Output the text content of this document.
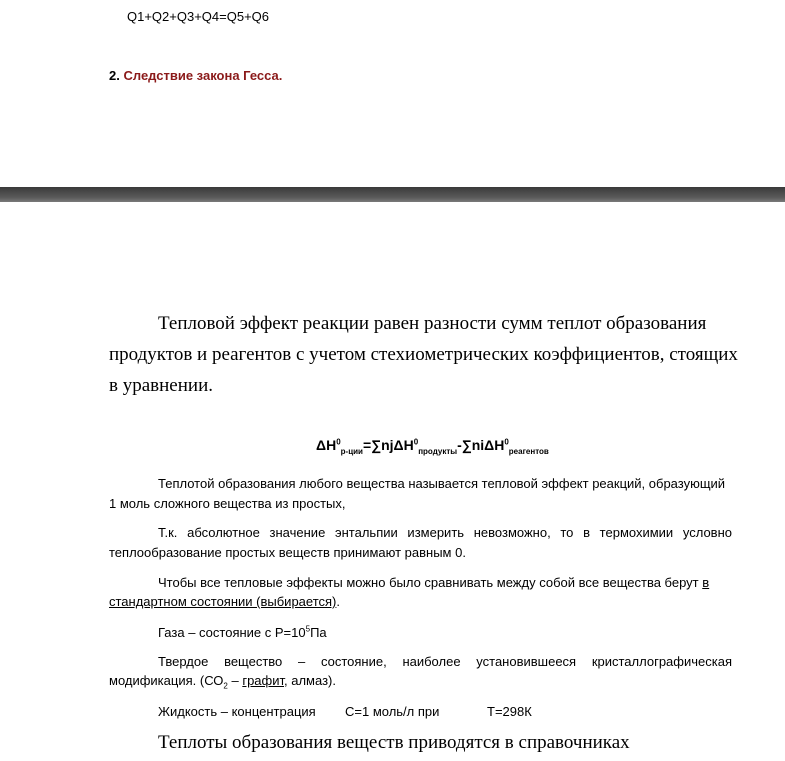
Q1+Q2+Q3+Q4=Q5+Q6
2. Следствие закона Гесса.
Тепловой эффект реакции равен разности сумм теплот образования
продуктов и реагентов с учетом стехиометрических коэффициентов, стоящих
в уравнении.
$\Delta H^0_{р-ции}=\sum nj\Delta H^0_{продукты}-\sum ni\Delta H^0_{реагентов}$
Теплотой образования любого вещества называется тепловой эффект реакций, образующий
1 моль сложного вещества из простых,
Т.к. абсолютное значение энтальпии измерить невозможно, то в термохимии условно
теплообразование простых веществ принимают равным 0.
Чтобы все тепловые эффекты можно было сравнивать между собой все вещества берут в
стандартном состоянии (выбирается).
Газа – состояние с $Р=10^5Па$
Твердое вещество – состояние, наиболее установившееся кристаллографическая
модификация. ($СО_2$ – графит, алмаз).
Жидкость – концентрация С=1 моль/л при	Т=298К
Теплоты образования веществ приводятся в справочниках
